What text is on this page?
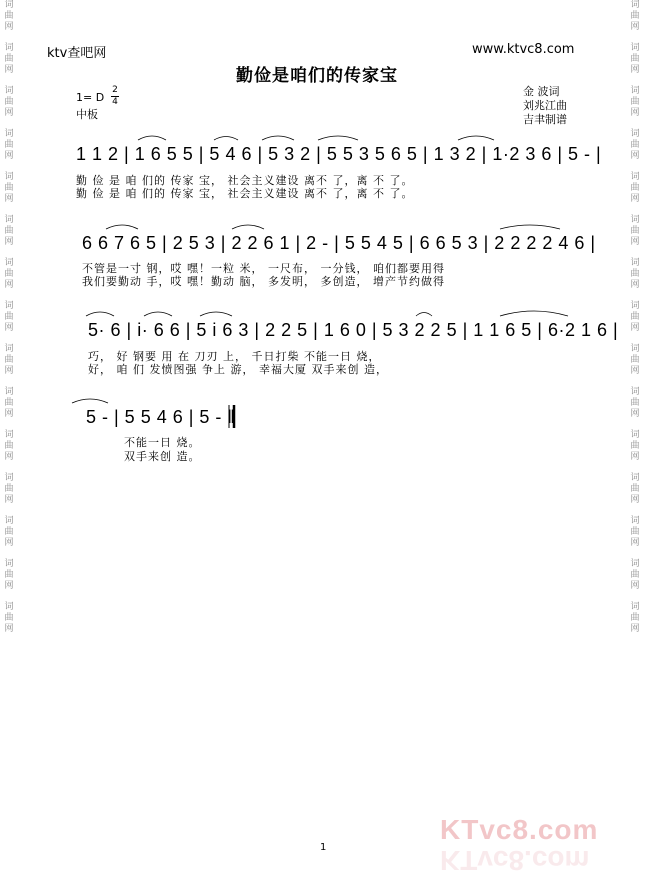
词
曲
网
词
曲
网
词
曲
网
词
曲
网
词
曲
网
词
曲
网
词
曲
网
词
曲
网
词
曲
网
词
曲
网
词
曲
网
词
曲
网
词
曲
网
词
曲
网
词
曲
网
词
曲
网
词
曲
网
词
曲
网
词
曲
网
词
曲
网
词
曲
网
词
曲
网
词
曲
网
词
曲
网
词
曲
网
词
曲
网
词
曲
网
词
曲
网
词
曲
网
词
曲
网
ktv查吧网	www.ktvc8.com
勤俭是咱们的传家宝
1= D
2
4
中板
金 波词
刘兆江曲
吉聿制谱
1 1 2 | 1 6 5 5 | 5 4 6 | 5 3 2 | 5 5 3 5 6 5 | 1 3 2 | 1·2 3 6 | 5 - |
勤 俭 是 咱 们的 传家 宝， 社会主义建设 离不 了，离 不 了。
勤 俭 是 咱 们的 传家 宝， 社会主义建设 离不 了，离 不 了。
6 6 7 6 5 | 2 5 3 | 2 2 6 1 | 2 - | 5 5 4 5 | 6 6 5 3 | 2 2 2 2 4 6 |
不管是一寸 钢，哎 嘿！一粒 米， 一尺布， 一分钱， 咱们都要用得
我们要勤动 手，哎 嘿！勤动 脑， 多发明， 多创造， 增产节约做得
5· 6 | i· 6 6 | 5 i 6 3 | 2 2 5 | 1 6 0 | 5 3 2 2 5 | 1 1 6 5 | 6·2 1 6 |
巧， 好 钢要 用 在 刀刃 上， 千日打柴 不能一日 烧，
好， 咱 们 发愤图强 争上 游， 幸福大厦 双手来创 造，
5 - | 5 5 4 6 | 5 - ‖
不能一日 烧。
双手来创 造。
1
KTvc8.com
KTvc8.com
